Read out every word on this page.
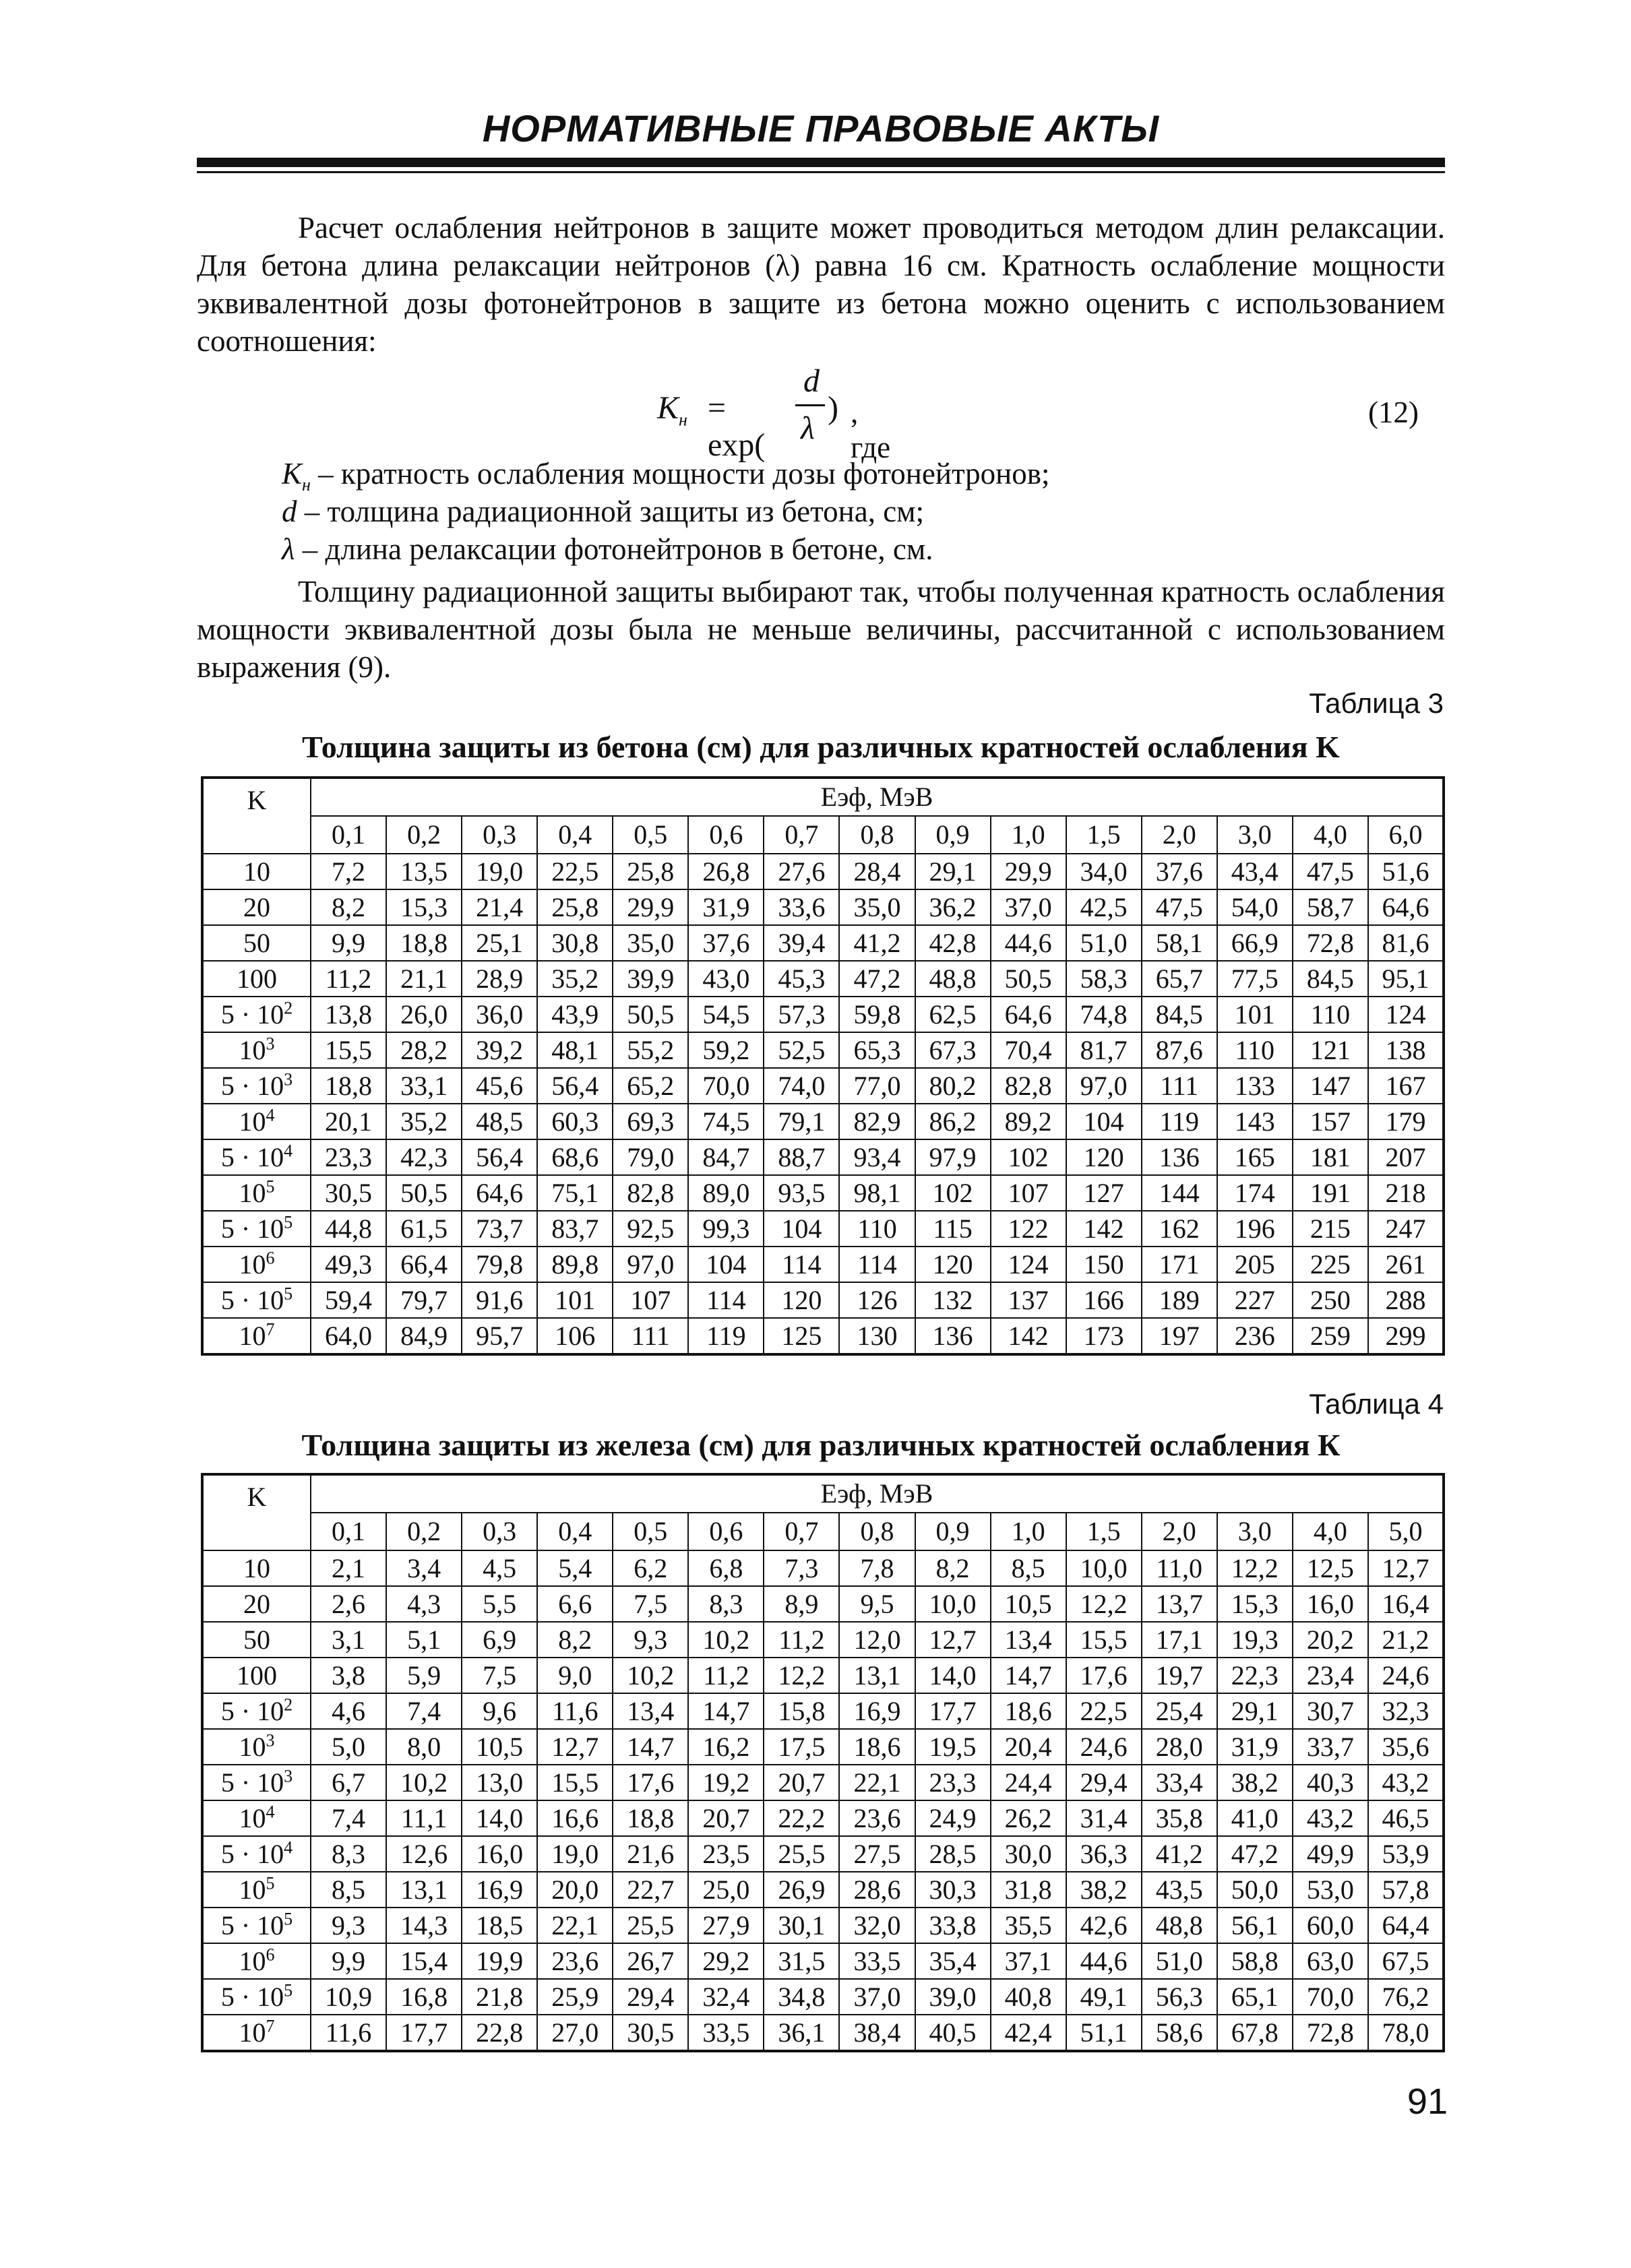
НОРМАТИВНЫЕ ПРАВОВЫЕ АКТЫ

Расчет ослабления нейтронов в защите может проводиться методом длин релаксации. Для бетона длина релаксации нейтронов (λ) равна 16 см. Кратность ослабление мощности эквивалентной дозы фотонейтронов в защите из бетона можно оценить с использованием соотношения:

$K_н = \exp$(
d
λ
) , где
(12)
$K_н$ – кратность ослабления мощности дозы фотонейтронов;
d – толщина радиационной защиты из бетона, см;
λ – длина релаксации фотонейтронов в бетоне, см.

Толщину радиационной защиты выбирают так, чтобы полученная кратность ослабления мощности эквивалентной дозы была не меньше величины, рассчитанной с использованием выражения (9).

Таблица 3
Толщина защиты из бетона (см) для различных кратностей ослабления K
K	Eэф, МэВ														
	0,1	0,2	0,3	0,4	0,5	0,6	0,7	0,8	0,9	1,0	1,5	2,0	3,0	4,0	6,0
10	7,2	13,5	19,0	22,5	25,8	26,8	27,6	28,4	29,1	29,9	34,0	37,6	43,4	47,5	51,6
20	8,2	15,3	21,4	25,8	29,9	31,9	33,6	35,0	36,2	37,0	42,5	47,5	54,0	58,7	64,6
50	9,9	18,8	25,1	30,8	35,0	37,6	39,4	41,2	42,8	44,6	51,0	58,1	66,9	72,8	81,6
100	11,2	21,1	28,9	35,2	39,9	43,0	45,3	47,2	48,8	50,5	58,3	65,7	77,5	84,5	95,1
$5 \cdot 10^2$	13,8	26,0	36,0	43,9	50,5	54,5	57,3	59,8	62,5	64,6	74,8	84,5	101	110	124
$10^3$	15,5	28,2	39,2	48,1	55,2	59,2	52,5	65,3	67,3	70,4	81,7	87,6	110	121	138
$5 \cdot 10^3$	18,8	33,1	45,6	56,4	65,2	70,0	74,0	77,0	80,2	82,8	97,0	111	133	147	167
$10^4$	20,1	35,2	48,5	60,3	69,3	74,5	79,1	82,9	86,2	89,2	104	119	143	157	179
$5 \cdot 10^4$	23,3	42,3	56,4	68,6	79,0	84,7	88,7	93,4	97,9	102	120	136	165	181	207
$10^5$	30,5	50,5	64,6	75,1	82,8	89,0	93,5	98,1	102	107	127	144	174	191	218
$5 \cdot 10^5$	44,8	61,5	73,7	83,7	92,5	99,3	104	110	115	122	142	162	196	215	247
$10^6$	49,3	66,4	79,8	89,8	97,0	104	114	114	120	124	150	171	205	225	261
$5 \cdot 10^5$	59,4	79,7	91,6	101	107	114	120	126	132	137	166	189	227	250	288
$10^7$	64,0	84,9	95,7	106	111	119	125	130	136	142	173	197	236	259	299
Таблица 4
Толщина защиты из железа (см) для различных кратностей ослабления К
K	Eэф, МэВ														
	0,1	0,2	0,3	0,4	0,5	0,6	0,7	0,8	0,9	1,0	1,5	2,0	3,0	4,0	5,0
10	2,1	3,4	4,5	5,4	6,2	6,8	7,3	7,8	8,2	8,5	10,0	11,0	12,2	12,5	12,7
20	2,6	4,3	5,5	6,6	7,5	8,3	8,9	9,5	10,0	10,5	12,2	13,7	15,3	16,0	16,4
50	3,1	5,1	6,9	8,2	9,3	10,2	11,2	12,0	12,7	13,4	15,5	17,1	19,3	20,2	21,2
100	3,8	5,9	7,5	9,0	10,2	11,2	12,2	13,1	14,0	14,7	17,6	19,7	22,3	23,4	24,6
$5 \cdot 10^2$	4,6	7,4	9,6	11,6	13,4	14,7	15,8	16,9	17,7	18,6	22,5	25,4	29,1	30,7	32,3
$10^3$	5,0	8,0	10,5	12,7	14,7	16,2	17,5	18,6	19,5	20,4	24,6	28,0	31,9	33,7	35,6
$5 \cdot 10^3$	6,7	10,2	13,0	15,5	17,6	19,2	20,7	22,1	23,3	24,4	29,4	33,4	38,2	40,3	43,2
$10^4$	7,4	11,1	14,0	16,6	18,8	20,7	22,2	23,6	24,9	26,2	31,4	35,8	41,0	43,2	46,5
$5 \cdot 10^4$	8,3	12,6	16,0	19,0	21,6	23,5	25,5	27,5	28,5	30,0	36,3	41,2	47,2	49,9	53,9
$10^5$	8,5	13,1	16,9	20,0	22,7	25,0	26,9	28,6	30,3	31,8	38,2	43,5	50,0	53,0	57,8
$5 \cdot 10^5$	9,3	14,3	18,5	22,1	25,5	27,9	30,1	32,0	33,8	35,5	42,6	48,8	56,1	60,0	64,4
$10^6$	9,9	15,4	19,9	23,6	26,7	29,2	31,5	33,5	35,4	37,1	44,6	51,0	58,8	63,0	67,5
$5 \cdot 10^5$	10,9	16,8	21,8	25,9	29,4	32,4	34,8	37,0	39,0	40,8	49,1	56,3	65,1	70,0	76,2
$10^7$	11,6	17,7	22,8	27,0	30,5	33,5	36,1	38,4	40,5	42,4	51,1	58,6	67,8	72,8	78,0
91
